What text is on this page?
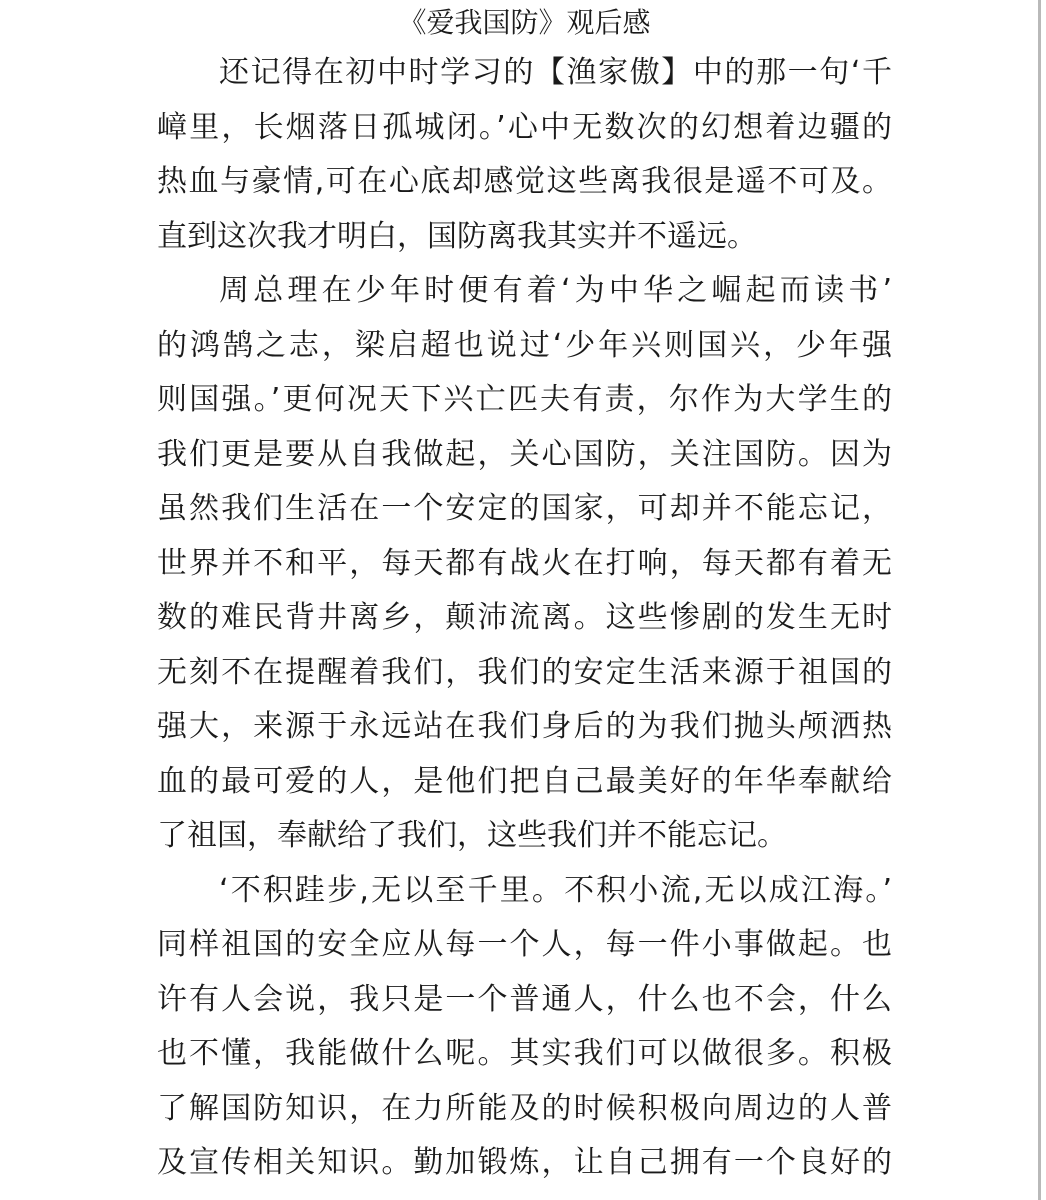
《爱我国防》观后感
还记得在初中时学习的【渔家傲】中的那一句‘千
嶂里，长烟落日孤城闭。’心中无数次的幻想着边疆的
热血与豪情,可在心底却感觉这些离我很是遥不可及。
直到这次我才明白，国防离我其实并不遥远。
周总理在少年时便有着‘为中华之崛起而读书’
的鸿鹄之志，梁启超也说过‘少年兴则国兴，少年强
则国强。’更何况天下兴亡匹夫有责，尔作为大学生的
我们更是要从自我做起，关心国防，关注国防。因为
虽然我们生活在一个安定的国家，可却并不能忘记，
世界并不和平，每天都有战火在打响，每天都有着无
数的难民背井离乡，颠沛流离。这些惨剧的发生无时
无刻不在提醒着我们，我们的安定生活来源于祖国的
强大，来源于永远站在我们身后的为我们抛头颅洒热
血的最可爱的人，是他们把自己最美好的年华奉献给
了祖国，奉献给了我们，这些我们并不能忘记。
‘不积跬步,无以至千里。不积小流,无以成江海。’
同样祖国的安全应从每一个人，每一件小事做起。也
许有人会说，我只是一个普通人，什么也不会，什么
也不懂，我能做什么呢。其实我们可以做很多。积极
了解国防知识，在力所能及的时候积极向周边的人普
及宣传相关知识。勤加锻炼，让自己拥有一个良好的
